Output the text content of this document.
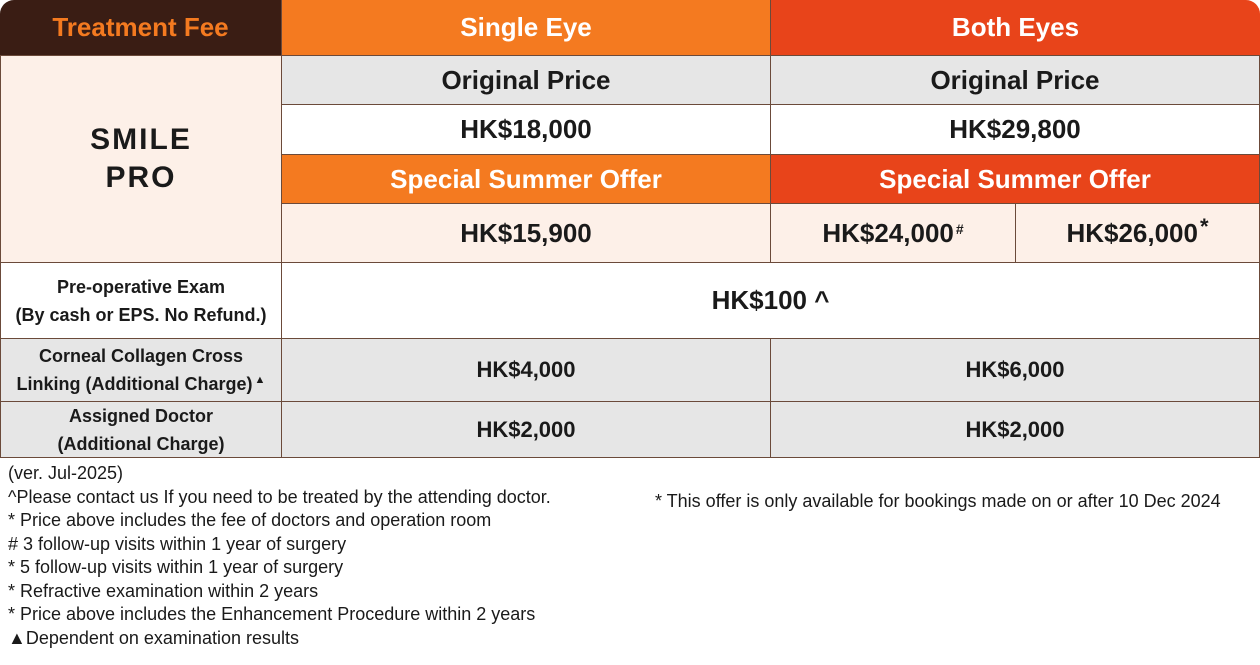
Treatment Fee	Single Eye	Both Eyes
SMILE
PRO
Original Price	Original Price
HK$18,000	HK$29,800
Special Summer Offer	Special Summer Offer
HK$15,900	HK$24,000#	HK$26,000*
Pre-operative Exam
(By cash or EPS. No Refund.)	HK$100 ^
Corneal Collagen Cross
Linking (Additional Charge) ▲	HK$4,000	HK$6,000
Assigned Doctor
(Additional Charge)
HK$2,000	HK$2,000
(ver. Jul-2025)
^Please contact us If you need to be treated by the attending doctor.
* Price above includes the fee of doctors and operation room
# 3 follow-up visits within 1 year of surgery
* 5 follow-up visits within 1 year of surgery
* Refractive examination within 2 years
* Price above includes the Enhancement Procedure within 2 years
▲Dependent on examination results
* This offer is only available for bookings made on or after 10 Dec 2024
